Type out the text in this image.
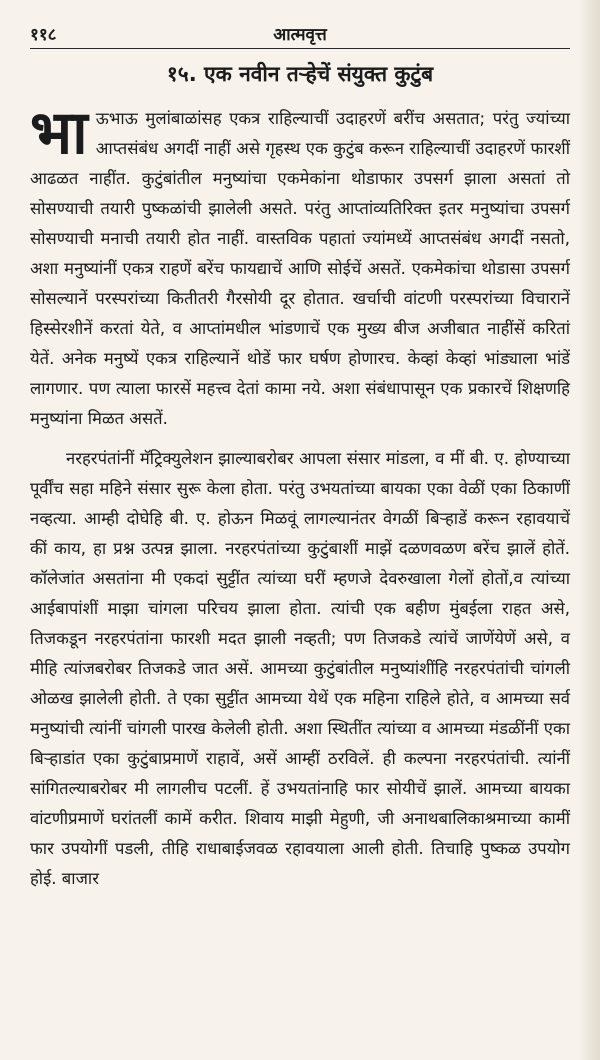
११८	आत्मवृत्त
१५. एक नवीन तऱ्हेचें संयुक्त कुटुंब

भाऊभाऊ मुलांबाळांसह एकत्र राहिल्याचीं उदाहरणें बरींच असतात; परंतु ज्यांच्या आप्तसंबंध अगदीं नाहीं असे गृहस्थ एक कुटुंब करून राहिल्याचीं उदाहरणें फारशीं आढळत नाहींत. कुटुंबांतील मनुष्यांचा एकमेकांना थोडाफार उपसर्ग झाला असतां तो सोसण्याची तयारी पुष्कळांची झालेली असते. परंतु आप्तांव्यतिरिक्त इतर मनुष्यांचा उपसर्ग सोसण्याची मनाची तयारी होत नाहीं. वास्तविक पहातां ज्यांमध्यें आप्तसंबंध अगदीं नसतो, अशा मनुष्यांनीं एकत्र राहणें बरेंच फायद्याचें आणि सोईचें असतें. एकमेकांचा थोडासा उपसर्ग सोसल्यानें परस्परांच्या कितीतरी गैरसोयी दूर होतात. खर्चाची वांटणी परस्परांच्या विचारानें हिस्सेरशीनें करतां येते, व आप्तांमधील भांडणाचें एक मुख्य बीज अजीबात नाहींसें करितां येतें. अनेक मनुष्यें एकत्र राहिल्यानें थोडें फार घर्षण होणारच. केव्हां केव्हां भांड्याला भांडें लागणार. पण त्याला फारसें महत्त्व देतां कामा नये. अशा संबंधापासून एक प्रकारचें शिक्षणहि मनुष्यांना मिळत असतें.

नरहरपंतांनीं मॅट्रिक्युलेशन झाल्याबरोबर आपला संसार मांडला, व मीं बी. ए. होण्याच्या पूर्वींच सहा महिने संसार सुरू केला होता. परंतु उभयतांच्या बायका एका वेळीं एका ठिकाणीं नव्हत्या. आम्ही दोघेहि बी. ए. होऊन मिळवूं लागल्यानंतर वेगळीं बिऱ्हाडें करून रहावयाचें कीं काय, हा प्रश्न उत्पन्न झाला. नरहरपंतांच्या कुटुंबाशीं माझें दळणवळण बरेंच झालें होतें. कॉलेजांत असतांना मी एकदां सुट्टींत त्यांच्या घरीं म्हणजे देवरुखाला गेलों होतों,व त्यांच्या आईबापांशीं माझा चांगला परिचय झाला होता. त्यांची एक बहीण मुंबईला राहत असे, तिजकडून नरहरपंतांना फारशी मदत झाली नव्हती; पण तिजकडे त्यांचें जाणेंयेणें असे, व मीहि त्यांजबरोबर तिजकडे जात असें. आमच्या कुटुंबांतील मनुष्यांशींहि नरहरपंतांची चांगली ओळख झालेली होती. ते एका सुट्टींत आमच्या येथें एक महिना राहिले होते, व आमच्या सर्व मनुष्यांची त्यांनीं चांगली पारख केलेली होती. अशा स्थितींत त्यांच्या व आमच्या मंडळींनीं एका बिऱ्हाडांत एका कुटुंबाप्रमाणें राहावें, असें आम्हीं ठरविलें. ही कल्पना नरहरपंतांची. त्यांनीं सांगितल्याबरोबर मी लागलीच पटलीं. हें उभयतांनाहि फार सोयीचें झालें. आमच्या बायका वांटणीप्रमाणें घरांतलीं कामें करीत. शिवाय माझी मेहुणी, जी अनाथबालिकाश्रमाच्या कामीं फार उपयोगीं पडली, तीहि राधाबाईजवळ रहावयाला आली होती. तिचाहि पुष्कळ उपयोग होई. बाजार
